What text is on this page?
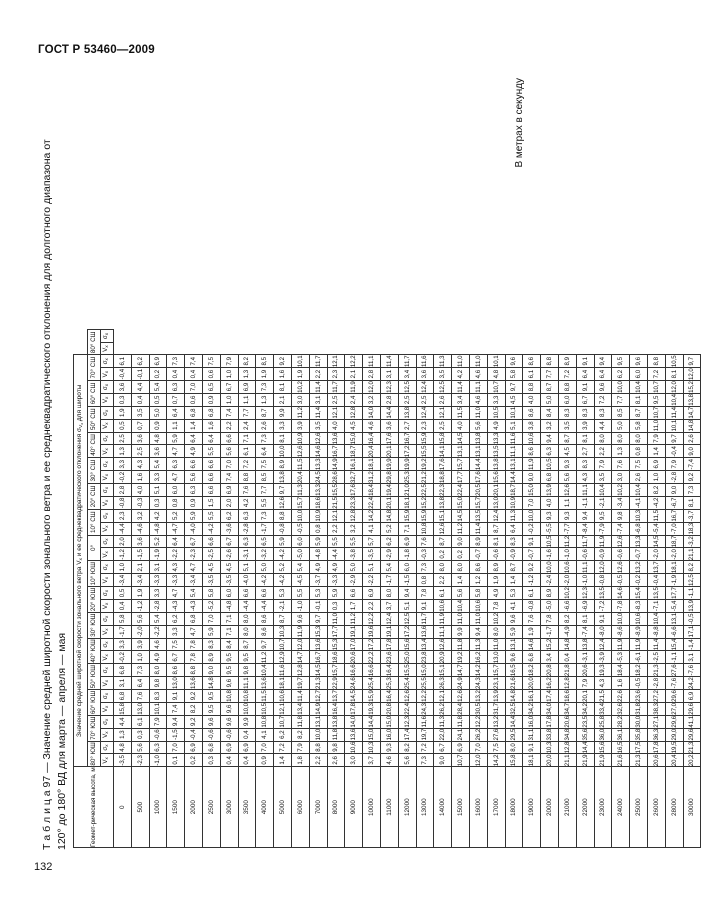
ГОСТ Р 53460—2009
132
Т а б л и ц а 97 — Значение средней широтной скорости зонального ветра и ее среднеквадратического отклонения для долготного диапазона от 120° до 180° ВД для марта — апреля — мая
В метрах в секунду
Геомет-рическая высота, м	Значение средней широтной скорости зонального ветра $V_x$ и ее среднеквадратического отклонения $\sigma_{V_x}$ для широты																																	
	80° ЮШ		70° ЮШ		60° ЮШ		50° ЮШ		40° ЮШ		30° ЮШ		20° ЮШ		10° ЮШ		0°		10° СШ		20° СШ		30° СШ		40° СШ		50° СШ		60° СШ		70° СШ		80° СШ	
	$V_x$	$\sigma_x$	$V_x$	$\sigma_x$	$V_x$	$\sigma_x$	$V_x$	$\sigma_x$	$V_x$	$\sigma_x$	$V_x$	$\sigma_x$	$V_x$	$\sigma_x$	$V_x$	$\sigma_x$	$V_x$	$\sigma_x$	$V_x$	$\sigma_x$	$V_x$	$\sigma_x$	$V_x$	$\sigma_x$	$V_x$	$\sigma_x$	$V_x$	$\sigma_x$	$V_x$	$\sigma_x$	$V_x$	$\sigma_x$	$V_x$	$\sigma_x$
0	-3,5	4,8	1,3	4,4	15,8	6,8	3,1	6,8	-0,2	3,3	-1,7	5,8	0,4	0,5	-3,4	1,0	-1,2	2,0	-4,4	2,3	-0,8	2,8	-0,2	3,3	1,3	2,5	0,5	1,9	0,3	3,6	-0,4	6,1		
500	-2,3	5,6	0,3	6,1	13,0	7,6	6,4	7,3	1,0	3,9	-2,0	5,6	-1,2	1,9	-3,4	2,1	-1,5	3,6	-4,6	3,2	-0,3	4,0	1,6	4,3	2,5	3,6	0,7	3,5	0,4	4,4	-0,1	6,2		
1000	-1,0	6,3	-0,6	7,9	10,1	8,3	9,8	8,0	4,9	4,6	-2,2	5,4	-2,8	3,3	-3,3	3,1	-1,9	5,2	-4,8	4,2	0,3	5,1	3,3	5,4	3,6	4,8	0,9	5,0	0,5	5,4	0,2	6,9		
1500	0,1	7,0	-1,5	9,4	7,4	9,1	13,0	8,6	6,7	7,5	3,3	6,2	-4,3	4,7	-3,3	4,3	-2,2	6,4	-4,7	5,2	0,8	6,0	4,7	6,3	4,7	5,9	1,1	6,4	0,7	6,3	0,4	7,3		
2000	0,2	6,9	-0,4	9,2	8,2	9,2	13,6	8,8	7,8	7,8	4,7	6,8	-4,3	5,4	-3,4	4,7	-2,3	6,7	-4,0	5,9	0,9	6,3	5,6	6,6	4,9	6,4	1,4	6,8	0,6	7,0	0,4	7,4		
2500	0,3	6,8	-0,6	9,6	9,5	9,5	14,8	9,0	8,9	8,3	5,9	7,0	-5,2	5,8	-3,5	4,5	-2,5	6,6	-4,2	5,5	1,5	6,6	6,6	6,6	5,5	6,4	1,6	6,8	0,9	6,5	0,6	7,5		
3000	0,4	6,9	-0,6	9,6	9,6	10,8	9,6	9,5	9,5	8,4	7,1	7,1	-4,8	6,0	-3,5	4,5	-2,6	6,7	-3,6	6,2	2,0	6,9	7,4	7,0	5,6	6,6	2,2	7,4	1,0	6,7	1,0	7,9		
3500	0,4	6,9	0,4	9,9	10,0	10,8	11,1	9,8	9,5	8,7	8,0	8,0	-4,4	6,6	-4,0	5,1	-3,1	6,3	-2,8	6,3	4,2	7,6	8,8	7,2	6,1	7,1	2,4	7,7	1,1	6,9	1,3	8,2		
4000	0,9	7,0	4,1	10,8	10,5	11,5	13,6	10,4	11,2	9,7	8,6	8,6	-4,4	6,6	-4,2	5,0	-3,2	6,5	-1,7	7,3	5,5	7,7	8,5	7,5	6,4	7,3	2,6	8,7	1,3	7,3	1,9	8,5		
5000	1,4	7,2	6,2	10,7	12,1	10,6	18,1	11,6	12,9	10,7	10,3	8,7	-2,1	5,3	-4,2	5,2	-4,2	5,9	-0,8	8,8	12,6	9,7	13,8	8,9	10,0	8,1	3,3	9,9	2,1	8,1	1,6	9,2		
6000	1,8	7,9	8,2	11,8	13,4	11,4	19,7	12,8	14,7	12,0	11,9	9,6	-1,0	5,5	-4,5	5,4	-5,0	6,0	-0,5	10,0	15,7	11,3	20,4	11,5	12,6	10,9	3,9	11,2	3,0	10,2	1,9	10,1		
7000	2,2	8,8	10,0	13,1	14,9	12,7	21,3	14,5	16,7	13,6	15,3	9,7	-0,1	5,3	-3,7	4,9	-4,8	5,9	0,8	10,9	18,6	13,3	24,5	13,3	14,6	12,6	3,5	11,4	3,1	11,4	2,2	11,7		
8000	2,6	9,8	11,8	13,8	16,4	13,7	22,9	15,7	18,6	15,3	17,7	11,0	0,3	5,9	-3,3	4,9	-4,4	5,5	2,2	12,1	21,5	15,5	28,6	14,9	16,7	13,6	4,0	12,1	2,5	11,7	2,3	12,1		
9000	3,0	10,6	13,6	14,0	17,8	14,5	24,6	16,6	20,6	17,0	19,1	11,2	1,7	6,6	-2,9	5,0	-3,8	5,5	3,2	12,8	23,3	17,6	32,7	16,1	18,7	15,0	4,5	12,8	2,4	11,9	2,1	12,2		
10000	3,7	10,3	15,0	14,4	19,3	15,9	25,4	16,6	22,2	17,2	19,6	12,2	2,2	6,9	-2,2	5,1	-3,5	5,7	4,1	14,2	22,4	18,4	31,2	18,1	20,4	16,4	4,6	14,0	3,2	12,0	2,8	11,1		
11000	4,6	9,3	16,0	15,0	20,8	16,4	25,3	16,4	23,6	17,8	19,1	12,4	3,7	8,0	-1,7	5,4	-2,9	6,2	5,2	14,8	20,1	19,4	29,8	19,9	20,1	17,6	3,6	14,4	2,8	12,3	3,1	11,4		
12000	5,6	8,2	17,4	12,3	22,4	12,6	25,4	15,5	25,0	15,6	17,2	12,5	5,1	9,4	-1,5	6,0	-1,8	6,9	7,1	15,9	18,1	21,0	25,3	19,9	17,2	16,7	2,7	13,8	2,5	12,5	3,4	11,7		
13000	7,3	7,2	19,7	11,6	24,3	12,2	25,5	15,0	23,8	13,4	13,6	11,7	9,1	7,8	0,8	7,3	-0,3	7,6	10,8	15,9	15,2	22,5	21,2	19,2	15,5	15,9	2,3	12,4	2,5	12,4	3,6	11,6		
14000	9,0	6,7	22,0	11,3	26,2	12,1	26,3	15,1	20,9	12,6	11,1	11,9	10,6	6,1	2,2	8,0	0,2	8,7	12,6	15,1	13,8	22,3	18,8	17,6	14,1	15,8	2,5	12,1	2,6	12,5	3,5	11,3		
15000	10,7	6,9	24,1	11,8	28,4	12,6	24,9	14,7	19,2	11,8	9,9	11,0	10,4	5,6	1,4	8,0	0,2	9,0	11,2	14,5	15,0	22,4	17,7	15,7	13,1	14,5	4,0	11,5	3,4	11,4	4,2	11,0		
16000	12,0	7,0	26,2	12,2	30,5	13,2	24,3	14,2	16,2	11,3	9,4	11,0	10,6	5,8	1,2	8,6	-0,7	8,9	11,4	13,5	15,7	20,5	17,6	14,4	13,1	13,8	5,6	11,0	4,6	11,1	4,6	11,0		
17000	14,2	7,5	27,6	13,2	31,7	13,9	23,1	15,7	13,0	11,0	8,0	10,2	7,8	4,9	1,9	8,9	-0,6	8,1	8,7	12,4	13,0	20,1	15,6	13,8	13,5	13,3	4,9	10,5	3,3	10,7	4,8	10,1		
18000	15,8	8,0	29,5	14,4	32,5	14,8	21,6	16,5	9,6	13,1	5,9	9,6	4,1	5,3	1,4	8,7	-0,9	8,3	6,4	11,3	10,9	18,7	14,4	13,1	11,1	11,6	5,1	10,1	4,5	9,7	5,8	9,6		
19000	18,1	9,1	31,1	16,0	34,2	16,1	20,0	18,2	6,8	14,6	1,9	7,6	-0,8	6,1	-1,2	9,2	-0,7	9,1	-0,2	10,0	7,0	15,0	9,0	11,9	8,6	10,6	3,8	8,6	4,0	8,8	6,1	8,6		
20000	20,0	10,3	33,8	17,8	34,0	17,4	16,2	20,8	3,4	15,2	-1,7	7,8	-5,0	8,9	-2,4	10,0	-1,6	10,5	-5,5	9,3	4,0	13,9	6,8	10,5	6,3	9,4	3,2	8,4	5,0	8,7	7,7	8,8		
21000	21,1	12,8	34,8	20,6	34,7	18,6	12,8	21,8	0,4	14,8	-4,9	8,2	-6,6	10,2	-2,0	10,6	-1,0	11,2	-7,7	9,3	1,1	12,6	5,6	9,3	4,5	8,7	3,5	8,3	6,0	8,8	7,2	8,9		
22000	21,9	14,4	35,6	23,5	34,2	20,1	7,9	20,6	-3,1	13,8	-7,4	8,1	-6,9	12,3	-1,0	11,1	-0,6	11,7	-8,4	9,4	-1,1	11,1	4,3	8,3	2,7	8,1	3,9	8,3	6,7	9,1	6,4	9,1		
23000	21,9	15,6	36,0	25,8	33,4	21,5	4,3	19,3	-3,9	12,4	-8,0	9,1	-7,2	13,5	-0,8	12,0	-0,9	11,9	-7,9	9,5	-2,1	10,4	3,5	7,9	2,2	8,0	4,4	8,3	7,2	9,6	6,4	9,4		
24000	21,6	16,5	36,1	28,2	32,6	22,6	1,6	18,4	-5,3	11,9	-8,6	10,0	-7,8	14,6	-0,5	12,6	-0,6	12,6	-7,4	9,8	-3,4	10,2	3,0	7,6	1,3	8,0	5,0	8,5	7,7	10,0	6,2	9,5		
25000	21,3	17,5	35,8	30,0	31,8	23,6	-0,5	18,2	-6,1	11,9	-8,9	10,6	-8,3	15,4	-0,2	13,2	-0,7	13,3	-6,8	10,3	-4,1	10,4	2,6	7,5	0,8	8,0	5,8	8,7	8,1	10,4	6,0	9,6		
26000	20,6	17,8	36,3	27,1	38,3	27,2	-2,8	21,3	-2,5	11,4	-8,8	10,4	-7,1	13,5	-0,4	13,7	-2,0	14,5	-5,4	11,5	-4,2	8,2	1,0	6,9	1,4	7,9	11,0	10,7	9,5	10,7	7,2	8,8		
28000	20,4	19,5	29,0	29,6	27,0	29,6	-7,6	27,6	-1,1	15,4	-6,6	13,1	-5,4	17,7	-1,9	18,1	-2,0	18,7	-7,0	16,7	-6,7	9,0	-2,8	7,9	-0,4	9,7	10,1	11,4	10,4	12,0	8,1	10,5		
30000	20,2	21,3	29,6	41,1	29,6	6,9	24,2	-7,6	3,1	-1,4	17,1	-0,5	13,9	-1,1	12,5	8,2	21,1	-3,2	18,3	-3,7	8,1	7,3	9,2	-7,4	9,0	2,6	14,8	14,7	13,8	15,2	12,0	9,7		
